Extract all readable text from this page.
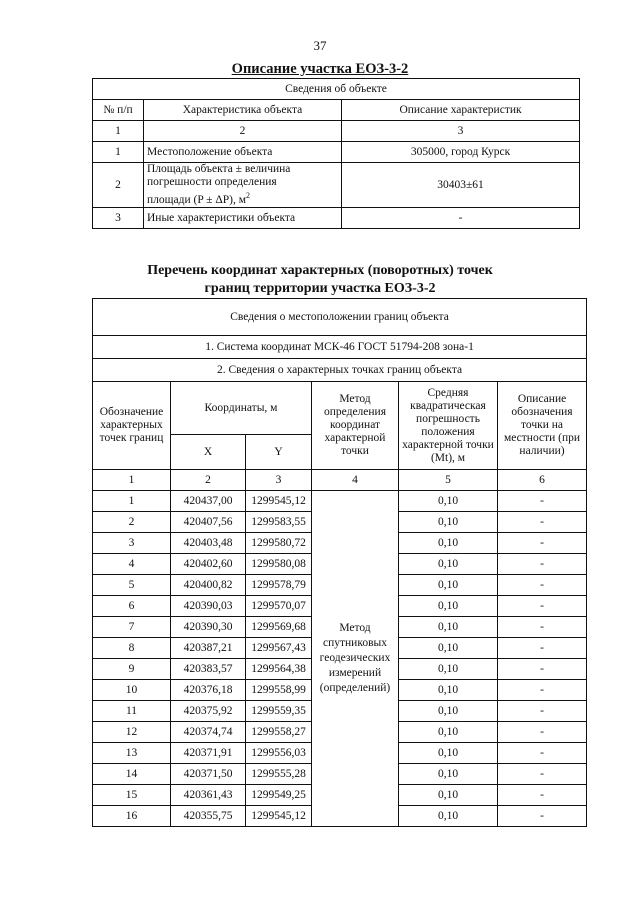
37
Описание участка ЕОЗ-3-2
Сведения об объекте		
№ п/п	Характеристика объекта	Описание характеристик
1	2	3
1	Местоположение объекта	305000, город Курск
2	Площадь объекта ± величина
погрешности определения
площади (P ± ΔP), $м^2$	30403±61
3	Иные характеристики объекта	-
Перечень координат характерных (поворотных) точек
границ территории участка ЕОЗ-3-2
Сведения о местоположении границ объекта					
1. Система координат МСК-46 ГОСТ 51794-208 зона-1					
2. Сведения о характерных точках границ объекта					
Обозначение характерных точек границ	Координаты, м		Метод определения координат характерной точки	Средняя квадратическая погрешность положения характерной точки (Mt), м	Описание обозначения точки на местности (при наличии)
	X	Y			
1	2	3	4	5	6
1	420437,00	1299545,12	Метод спутниковых геодезических измерений (определений)	0,10	-
2	420407,56	1299583,55		0,10	-
3	420403,48	1299580,72		0,10	-
4	420402,60	1299580,08		0,10	-
5	420400,82	1299578,79		0,10	-
6	420390,03	1299570,07		0,10	-
7	420390,30	1299569,68		0,10	-
8	420387,21	1299567,43		0,10	-
9	420383,57	1299564,38		0,10	-
10	420376,18	1299558,99		0,10	-
11	420375,92	1299559,35		0,10	-
12	420374,74	1299558,27		0,10	-
13	420371,91	1299556,03		0,10	-
14	420371,50	1299555,28		0,10	-
15	420361,43	1299549,25		0,10	-
16	420355,75	1299545,12		0,10	-
